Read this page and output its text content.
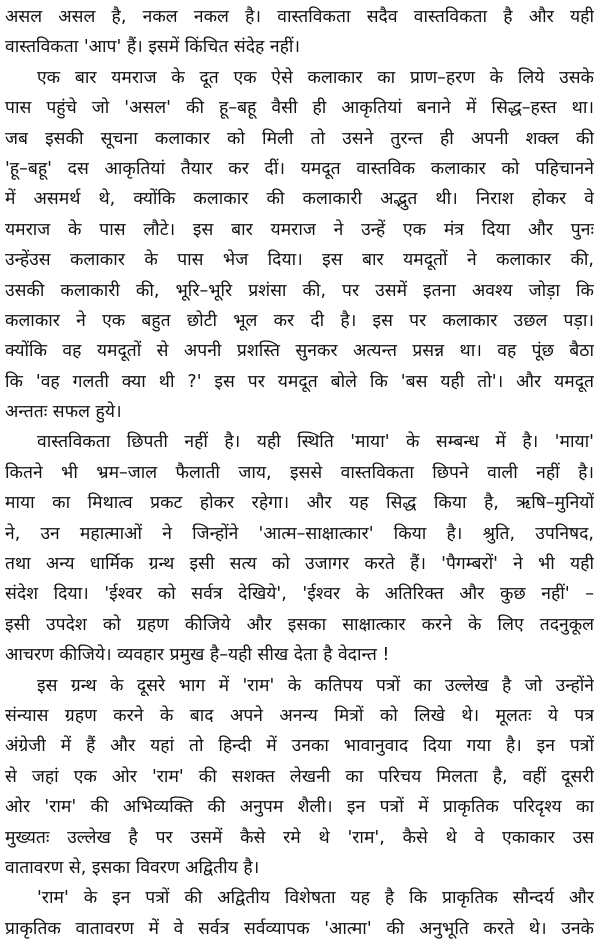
असल असल है, नकल नकल है। वास्तविकता सदैव वास्तविकता है और यही
वास्तविकता 'आप' हैं। इसमें किंचित संदेह नहीं।
एक बार यमराज के दूत एक ऐसे कलाकार का प्राण–हरण के लिये उसके
पास पहुंचे जो 'असल' की हू–बहू वैसी ही आकृतियां बनाने में सिद्ध–हस्त था।
जब इसकी सूचना कलाकार को मिली तो उसने तुरन्त ही अपनी शक्ल की
'हू–बहू' दस आकृतियां तैयार कर दीं। यमदूत वास्तविक कलाकार को पहिचानने
में असमर्थ थे, क्योंकि कलाकार की कलाकारी अद्भुत थी। निराश होकर वे
यमराज के पास लौटे। इस बार यमराज ने उन्हें एक मंत्र दिया और पुनः
उन्हेंउस कलाकार के पास भेज दिया। इस बार यमदूतों ने कलाकार की,
उसकी कलाकारी की, भूरि–भूरि प्रशंसा की, पर उसमें इतना अवश्य जोड़ा कि
कलाकार ने एक बहुत छोटी भूल कर दी है। इस पर कलाकार उछल पड़ा।
क्योंकि वह यमदूतों से अपनी प्रशस्ति सुनकर अत्यन्त प्रसन्न था। वह पूंछ बैठा
कि 'वह गलती क्या थी ?' इस पर यमदूत बोले कि 'बस यही तो'। और यमदूत
अन्ततः सफल हुये।
वास्तविकता छिपती नहीं है। यही स्थिति 'माया' के सम्बन्ध में है। 'माया'
कितने भी भ्रम–जाल फैलाती जाय, इससे वास्तविकता छिपने वाली नहीं है।
माया का मिथात्व प्रकट होकर रहेगा। और यह सिद्ध किया है, ऋषि–मुनियों
ने, उन महात्माओं ने जिन्होंने 'आत्म–साक्षात्कार' किया है। श्रुति, उपनिषद,
तथा अन्य धार्मिक ग्रन्थ इसी सत्य को उजागर करते हैं। 'पैगम्बरों' ने भी यही
संदेश दिया। 'ईश्वर को सर्वत्र देखिये', 'ईश्वर के अतिरिक्त और कुछ नहीं' –
इसी उपदेश को ग्रहण कीजिये और इसका साक्षात्कार करने के लिए तदनुकूल
आचरण कीजिये। व्यवहार प्रमुख है–यही सीख देता है वेदान्त !
इस ग्रन्थ के दूसरे भाग में 'राम' के कतिपय पत्रों का उल्लेख है जो उन्होंने
संन्यास ग्रहण करने के बाद अपने अनन्य मित्रों को लिखे थे। मूलतः ये पत्र
अंग्रेजी में हैं और यहां तो हिन्दी में उनका भावानुवाद दिया गया है। इन पत्रों
से जहां एक ओर 'राम' की सशक्त लेखनी का परिचय मिलता है, वहीं दूसरी
ओर 'राम' की अभिव्यक्ति की अनुपम शैली। इन पत्रों में प्राकृतिक परिदृश्य का
मुख्यतः उल्लेख है पर उसमें कैसे रमे थे 'राम', कैसे थे वे एकाकार उस
वातावरण से, इसका विवरण अद्वितीय है।
'राम' के इन पत्रों की अद्वितीय विशेषता यह है कि प्राकृतिक सौन्दर्य और
प्राकृतिक वातावरण में वे सर्वत्र सर्वव्यापक 'आत्मा' की अनुभूति करते थे। उनके
